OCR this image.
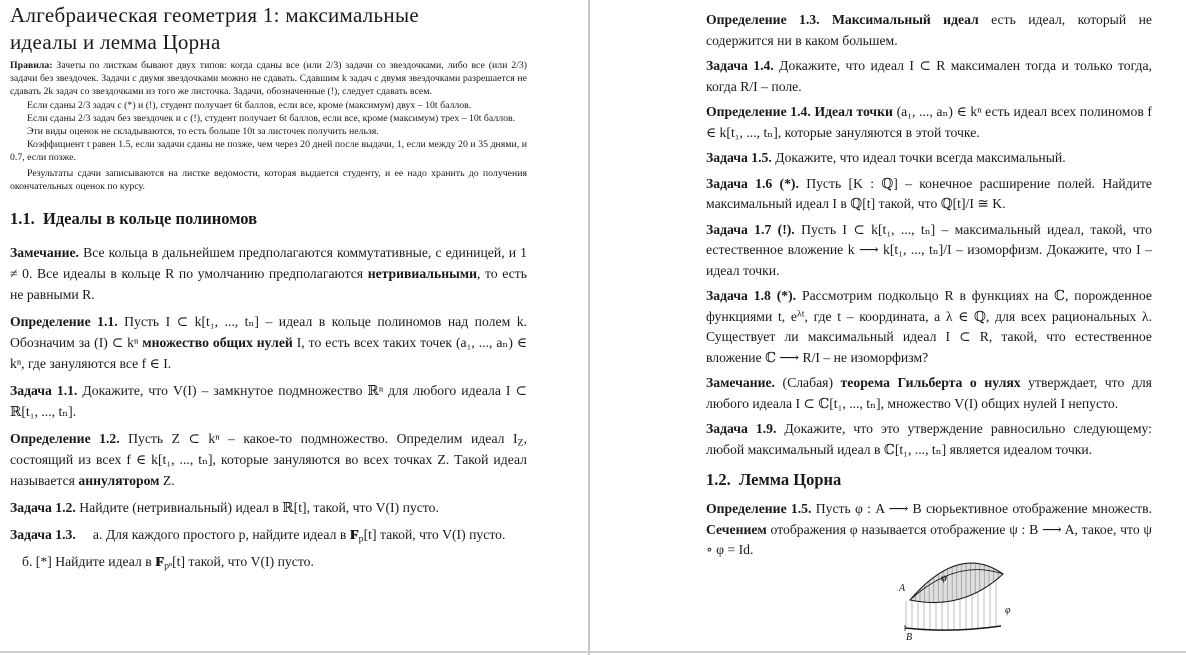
Алгебраическая геометрия 1: максимальные
идеалы и лемма Цорна

Правила: Зачеты по листкам бывают двух типов: когда сданы все (или 2/3) задачи со звездочками, либо все (или 2/3) задачи без звездочек. Задачи с двумя звездочками можно не сдавать. Сдавшим k задач с двумя звездочками разрешается не сдавать 2k задач со звездочками из того же листочка. Задачи, обозначенные (!), следует сдавать всем.

Если сданы 2/3 задач с (*) и (!), студент получает 6t баллов, если все, кроме (максимум) двух – 10t баллов.

Если сданы 2/3 задач без звездочек и с (!), студент получает 6t баллов, если все, кроме (максимум) трех – 10t баллов.

Эти виды оценок не складываются, то есть больше 10t за листочек получить нельзя.

Коэффициент t равен 1.5, если задачи сданы не позже, чем через 20 дней после выдачи, 1, если между 20 и 35 днями, и 0.7, если позже.

Результаты сдачи записываются на листке ведомости, которая выдается студенту, и ее надо хранить до получения окончательных оценок по курсу.

1.1.  Идеалы в кольце полиномов

Замечание. Все кольца в дальнейшем предполагаются коммутативные, с единицей, и 1 ≠ 0. Все идеалы в кольце R по умолчанию предполагаются нетривиальными, то есть не равными R.

Определение 1.1. Пусть I ⊂ k[t₁, ..., tₙ] – идеал в кольце полиномов над полем k. Обозначим за (I) ⊂ kⁿ множество общих нулей I, то есть всех таких точек (a₁, ..., aₙ) ∈ kⁿ, где зануляются все f ∈ I.

Задача 1.1. Докажите, что V(I) – замкнутое подмножество ℝⁿ для любого идеала I ⊂ ℝ[t₁, ..., tₙ].

Определение 1.2. Пусть Z ⊂ kⁿ – какое-то подмножество. Определим идеал $I_Z$, состоящий из всех f ∈ k[t₁, ..., tₙ], которые зануляются во всех точках Z. Такой идеал называется аннулятором Z.

Задача 1.2. Найдите (нетривиальный) идеал в ℝ[t], такой, что V(I) пусто.

Задача 1.3.     а. Для каждого простого p, найдите идеал в $F_p[t]$ такой, что V(I) пусто.

б. [*] Найдите идеал в $F_{p^n}[t]$ такой, что V(I) пусто.

Определение 1.3. Максимальный идеал есть идеал, который не содержится ни в каком большем.

Задача 1.4. Докажите, что идеал I ⊂ R максимален тогда и только тогда, когда R/I – поле.

Определение 1.4. Идеал точки (a₁, ..., aₙ) ∈ kⁿ есть идеал всех полиномов f ∈ k[t₁, ..., tₙ], которые зануляются в этой точке.

Задача 1.5. Докажите, что идеал точки всегда максимальный.

Задача 1.6 (*). Пусть [K : ℚ] – конечное расширение полей. Найдите максимальный идеал I в ℚ[t] такой, что ℚ[t]/I ≅ K.

Задача 1.7 (!). Пусть I ⊂ k[t₁, ..., tₙ] – максимальный идеал, такой, что естественное вложение k ⟶ k[t₁, ..., tₙ]/I – изоморфизм. Докажите, что I – идеал точки.

Задача 1.8 (*). Рассмотрим подкольцо R в функциях на ℂ, порожденное функциями t, $e^{\lambda t}$, где t – координата, а λ ∈ ℚ, для всех рациональных λ. Существует ли максимальный идеал I ⊂ R, такой, что естественное вложение ℂ ⟶ R/I – не изоморфизм?

Замечание. (Слабая) теорема Гильберта о нулях утверждает, что для любого идеала I ⊂ ℂ[t₁, ..., tₙ], множество V(I) общих нулей I непусто.

Задача 1.9. Докажите, что это утверждение равносильно следующему: любой максимальный идеал в ℂ[t₁, ..., tₙ] является идеалом точки.

1.2.  Лемма Цорна

Определение 1.5. Пусть φ : A ⟶ B сюрьективное отображение множеств. Сечением отображения φ называется отображение ψ : B ⟶ A, такое, что ψ ∘ φ = Id.

A
B
φ
ψ
